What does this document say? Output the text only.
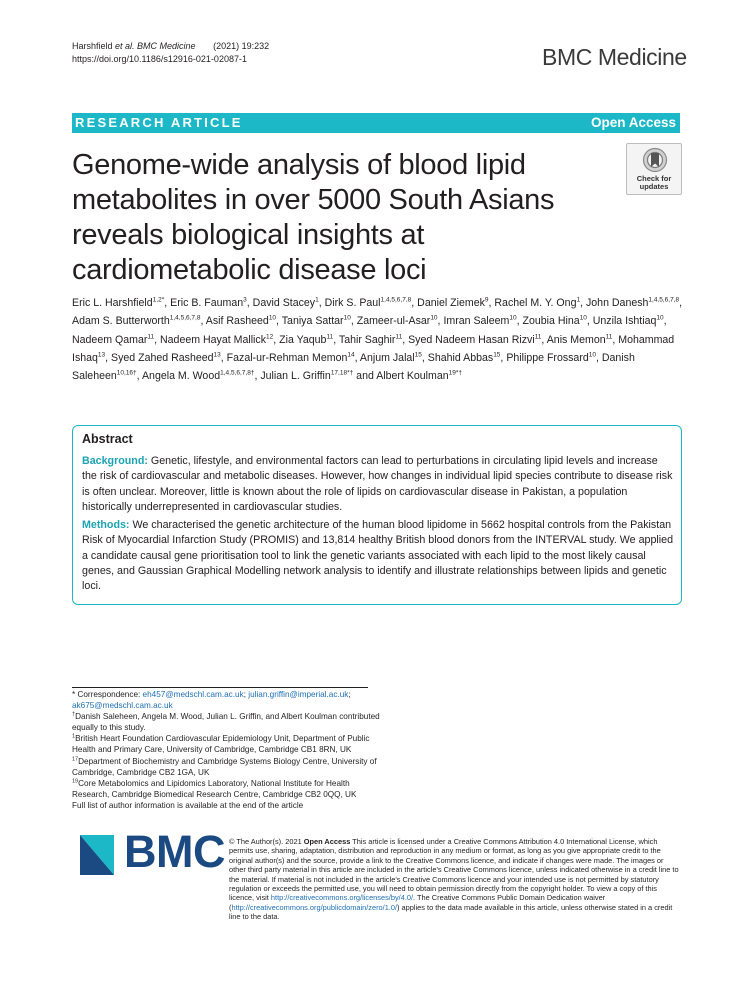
Harshfield et al. BMC Medicine (2021) 19:232
https://doi.org/10.1186/s12916-021-02087-1	BMC Medicine
RESEARCH ARTICLE	Open Access
Check for
updates
Genome-wide analysis of blood lipid metabolites in over 5000 South Asians reveals biological insights at cardiometabolic disease loci
Eric L. Harshfield$^{1,2*}$, Eric B. Fauman$^3$, David Stacey$^1$, Dirk S. Paul$^{1,4,5,6,7,8}$, Daniel Ziemek$^9$, Rachel M. Y. Ong$^1$, John Danesh$^{1,4,5,6,7,8}$, Adam S. Butterworth$^{1,4,5,6,7,8}$, Asif Rasheed$^{10}$, Taniya Sattar$^{10}$, Zameer-ul-Asar$^{10}$, Imran Saleem$^{10}$, Zoubia Hina$^{10}$, Unzila Ishtiaq$^{10}$, Nadeem Qamar$^{11}$, Nadeem Hayat Mallick$^{12}$, Zia Yaqub$^{11}$, Tahir Saghir$^{11}$, Syed Nadeem Hasan Rizvi$^{11}$, Anis Memon$^{11}$, Mohammad Ishaq$^{13}$, Syed Zahed Rasheed$^{13}$, Fazal-ur-Rehman Memon$^{14}$, Anjum Jalal$^{15}$, Shahid Abbas$^{15}$, Philippe Frossard$^{10}$, Danish Saleheen$^{10,16\dagger}$, Angela M. Wood$^{1,4,5,6,7,8\dagger}$, Julian L. Griffin$^{17,18*\dagger}$ and Albert Koulman$^{19*\dagger}$
Abstract
Background: Genetic, lifestyle, and environmental factors can lead to perturbations in circulating lipid levels and increase the risk of cardiovascular and metabolic diseases. However, how changes in individual lipid species contribute to disease risk is often unclear. Moreover, little is known about the role of lipids on cardiovascular disease in Pakistan, a population historically underrepresented in cardiovascular studies.
Methods: We characterised the genetic architecture of the human blood lipidome in 5662 hospital controls from the Pakistan Risk of Myocardial Infarction Study (PROMIS) and 13,814 healthy British blood donors from the INTERVAL study. We applied a candidate causal gene prioritisation tool to link the genetic variants associated with each lipid to the most likely causal genes, and Gaussian Graphical Modelling network analysis to identify and illustrate relationships between lipids and genetic loci.

* Correspondence: eh457@medschl.cam.ac.uk; julian.griffin@imperial.ac.uk;
ak675@medschl.cam.ac.uk

†Danish Saleheen, Angela M. Wood, Julian L. Griffin, and Albert Koulman contributed equally to this study.

$^1$British Heart Foundation Cardiovascular Epidemiology Unit, Department of Public Health and Primary Care, University of Cambridge, Cambridge CB1 8RN, UK

$^{17}$Department of Biochemistry and Cambridge Systems Biology Centre, University of Cambridge, Cambridge CB2 1GA, UK

$^{19}$Core Metabolomics and Lipidomics Laboratory, National Institute for Health Research, Cambridge Biomedical Research Centre, Cambridge CB2 0QQ, UK

Full list of author information is available at the end of the article

BMC © The Author(s). 2021 Open Access This article is licensed under a Creative Commons Attribution 4.0 International License, which permits use, sharing, adaptation, distribution and reproduction in any medium or format, as long as you give appropriate credit to the original author(s) and the source, provide a link to the Creative Commons licence, and indicate if changes were made. The images or other third party material in this article are included in the article's Creative Commons licence, unless indicated otherwise in a credit line to the material. If material is not included in the article's Creative Commons licence and your intended use is not permitted by statutory regulation or exceeds the permitted use, you will need to obtain permission directly from the copyright holder. To view a copy of this licence, visit http://creativecommons.org/licenses/by/4.0/. The Creative Commons Public Domain Dedication waiver (http://creativecommons.org/publicdomain/zero/1.0/) applies to the data made available in this article, unless otherwise stated in a credit line to the data.
